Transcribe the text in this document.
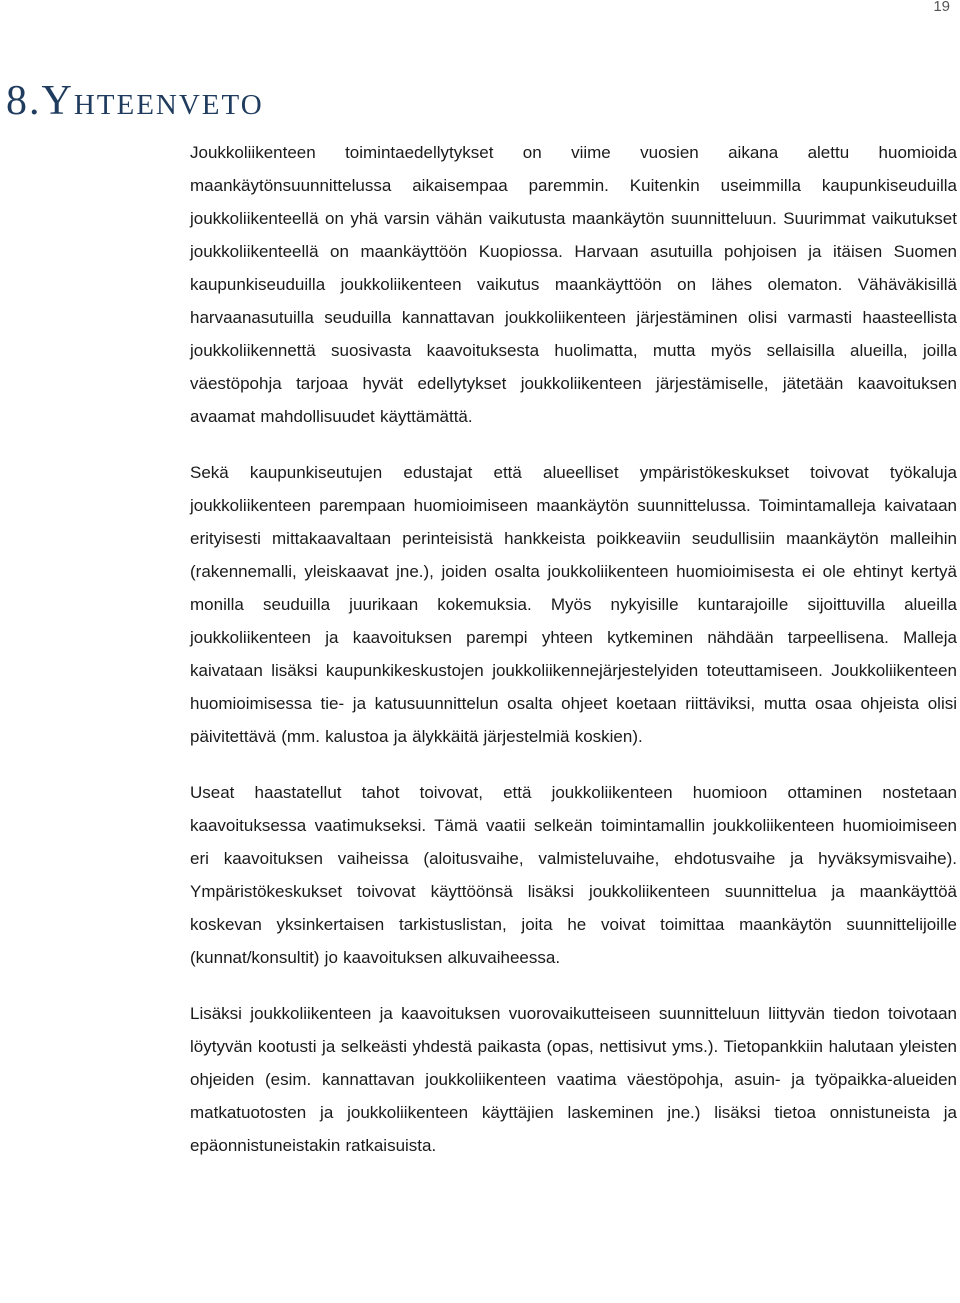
19
8.Yhteenveto

Joukkoliikenteen toimintaedellytykset on viime vuosien aikana alettu huomioida maankäytönsuunnittelussa aikaisempaa paremmin. Kuitenkin useimmilla kaupunkiseuduilla joukkoliikenteellä on yhä varsin vähän vaikutusta maankäytön suunnitteluun. Suurimmat vaikutukset joukkoliikenteellä on maankäyttöön Kuopiossa. Harvaan asutuilla pohjoisen ja itäisen Suomen kaupunkiseuduilla joukkoliikenteen vaikutus maankäyttöön on lähes olematon. Vähäväkisillä harvaanasutuilla seuduilla kannattavan joukkoliikenteen järjestäminen olisi varmasti haasteellista joukkoliikennettä suosivasta kaavoituksesta huolimatta, mutta myös sellaisilla alueilla, joilla väestöpohja tarjoaa hyvät edellytykset joukkoliikenteen järjestämiselle, jätetään kaavoituksen avaamat mahdollisuudet käyttämättä.

Sekä kaupunkiseutujen edustajat että alueelliset ympäristökeskukset toivovat työkaluja joukkoliikenteen parempaan huomioimiseen maankäytön suunnittelussa. Toimintamalleja kaivataan erityisesti mittakaavaltaan perinteisistä hankkeista poikkeaviin seudullisiin maankäytön malleihin (rakennemalli, yleiskaavat jne.), joiden osalta joukkoliikenteen huomioimisesta ei ole ehtinyt kertyä monilla seuduilla juurikaan kokemuksia. Myös nykyisille kuntarajoille sijoittuvilla alueilla joukkoliikenteen ja kaavoituksen parempi yhteen kytkeminen nähdään tarpeellisena. Malleja kaivataan lisäksi kaupunkikeskustojen joukkoliikennejärjestelyiden toteuttamiseen. Joukkoliikenteen huomioimisessa tie- ja katusuunnittelun osalta ohjeet koetaan riittäviksi, mutta osaa ohjeista olisi päivitettävä (mm. kalustoa ja älykkäitä järjestelmiä koskien).

Useat haastatellut tahot toivovat, että joukkoliikenteen huomioon ottaminen nostetaan kaavoituksessa vaatimukseksi. Tämä vaatii selkeän toimintamallin joukkoliikenteen huomioimiseen eri kaavoituksen vaiheissa (aloitusvaihe, valmisteluvaihe, ehdotusvaihe ja hyväksymisvaihe). Ympäristökeskukset toivovat käyttöönsä lisäksi joukkoliikenteen suunnittelua ja maankäyttöä koskevan yksinkertaisen tarkistuslistan, joita he voivat toimittaa maankäytön suunnittelijoille (kunnat/konsultit) jo kaavoituksen alkuvaiheessa.

Lisäksi joukkoliikenteen ja kaavoituksen vuorovaikutteiseen suunnitteluun liittyvän tiedon toivotaan löytyvän kootusti ja selkeästi yhdestä paikasta (opas, nettisivut yms.). Tietopankkiin halutaan yleisten ohjeiden (esim. kannattavan joukkoliikenteen vaatima väestöpohja, asuin- ja työpaikka-alueiden matkatuotosten ja joukkoliikenteen käyttäjien laskeminen jne.) lisäksi tietoa onnistuneista ja epäonnistuneistakin ratkaisuista.
